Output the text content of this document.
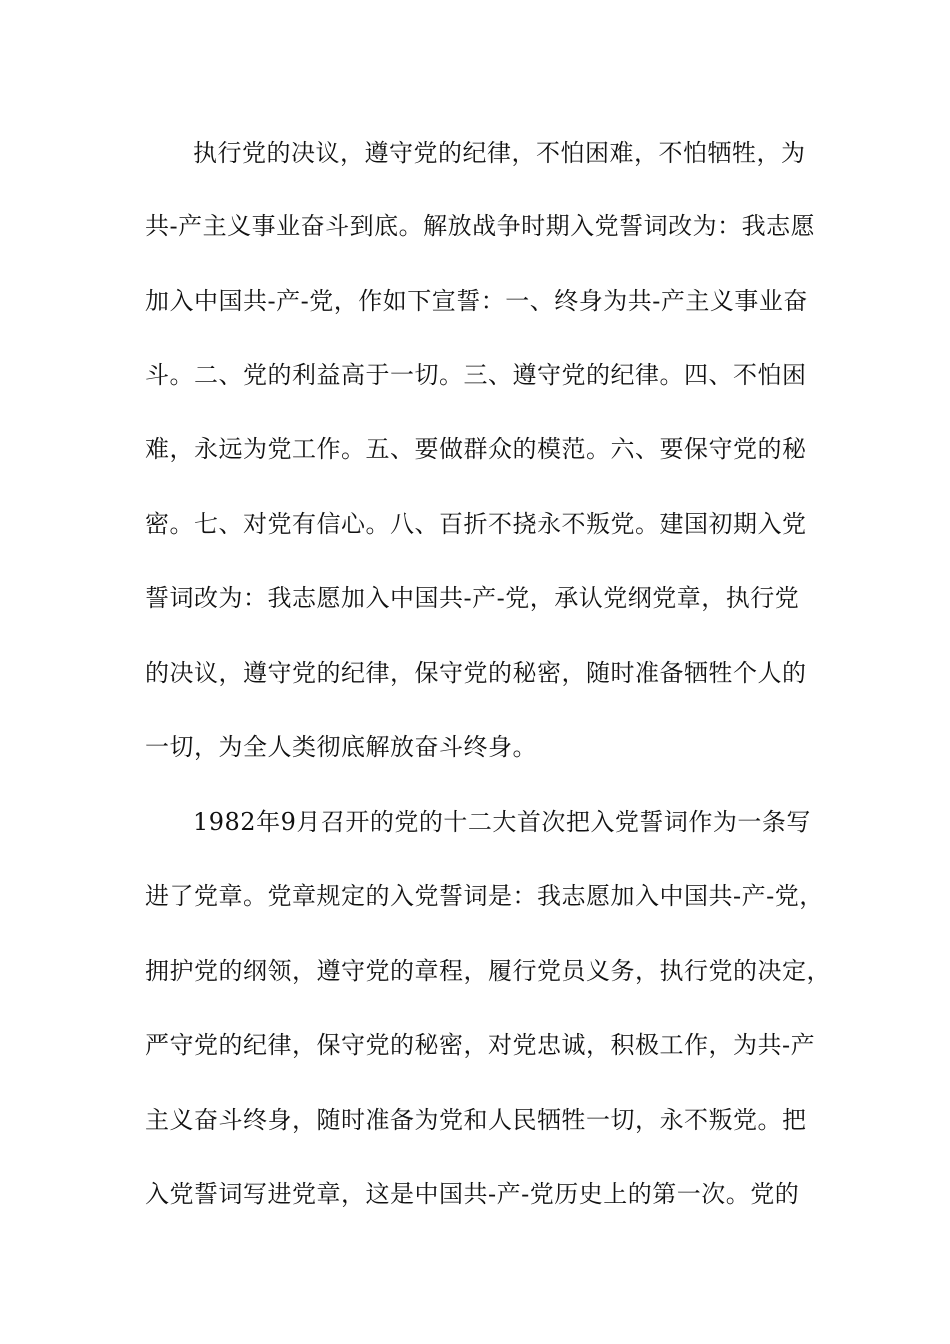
执行党的决议，遵守党的纪律，不怕困难，不怕牺牲，为
共-产主义事业奋斗到底。解放战争时期入党誓词改为：我志愿
加入中国共-产-党，作如下宣誓：一、终身为共-产主义事业奋
斗。二、党的利益高于一切。三、遵守党的纪律。四、不怕困
难，永远为党工作。五、要做群众的模范。六、要保守党的秘
密。七、对党有信心。八、百折不挠永不叛党。建国初期入党
誓词改为：我志愿加入中国共-产-党，承认党纲党章，执行党
的决议，遵守党的纪律，保守党的秘密，随时准备牺牲个人的
一切，为全人类彻底解放奋斗终身。
1982年9月召开的党的十二大首次把入党誓词作为一条写
进了党章。党章规定的入党誓词是：我志愿加入中国共-产-党，
拥护党的纲领，遵守党的章程，履行党员义务，执行党的决定，
严守党的纪律，保守党的秘密，对党忠诚，积极工作，为共-产
主义奋斗终身，随时准备为党和人民牺牲一切，永不叛党。把
入党誓词写进党章，这是中国共-产-党历史上的第一次。党的
